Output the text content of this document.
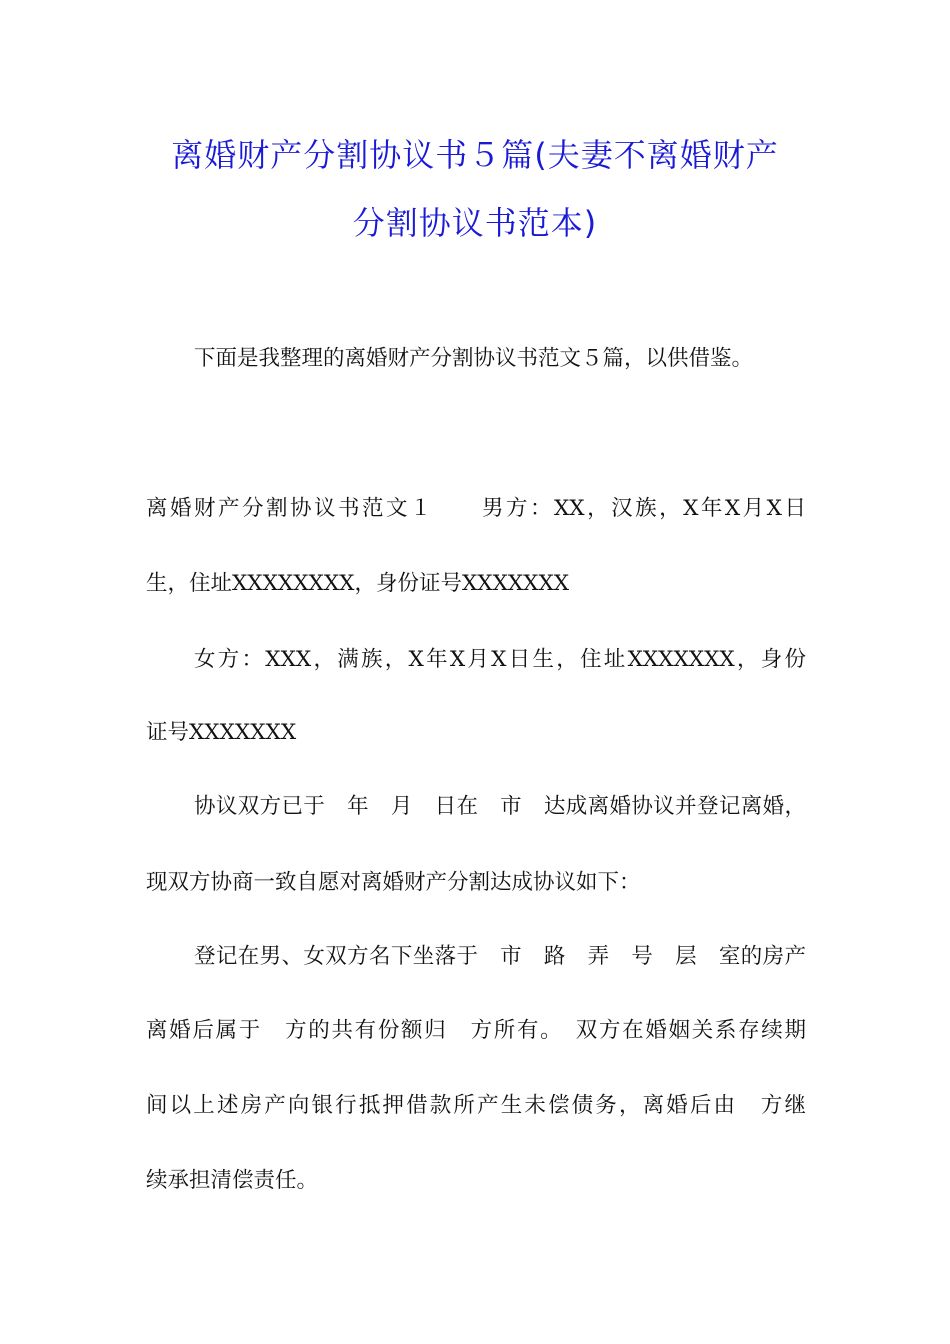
离婚财产分割协议书５篇(夫妻不离婚财产
分割协议书范本)
下面是我整理的离婚财产分割协议书范文５篇，以供借鉴。
离婚财产分割协议书范文１　　男方：XX，汉族，X年X月X日
生，住址XXXXXXXX，身份证号XXXXXXX
女方：XXX，满族，X年X月X日生，住址XXXXXXX，身份
证号XXXXXXX
协议双方已于　年　月　日在　市　达成离婚协议并登记离婚，
现双方协商一致自愿对离婚财产分割达成协议如下：
登记在男、女双方名下坐落于　市　路　弄　号　层　室的房产
离婚后属于　方的共有份额归　方所有。　双方在婚姻关系存续期
间以上述房产向银行抵押借款所产生未偿债务，离婚后由　方继
续承担清偿责任。
